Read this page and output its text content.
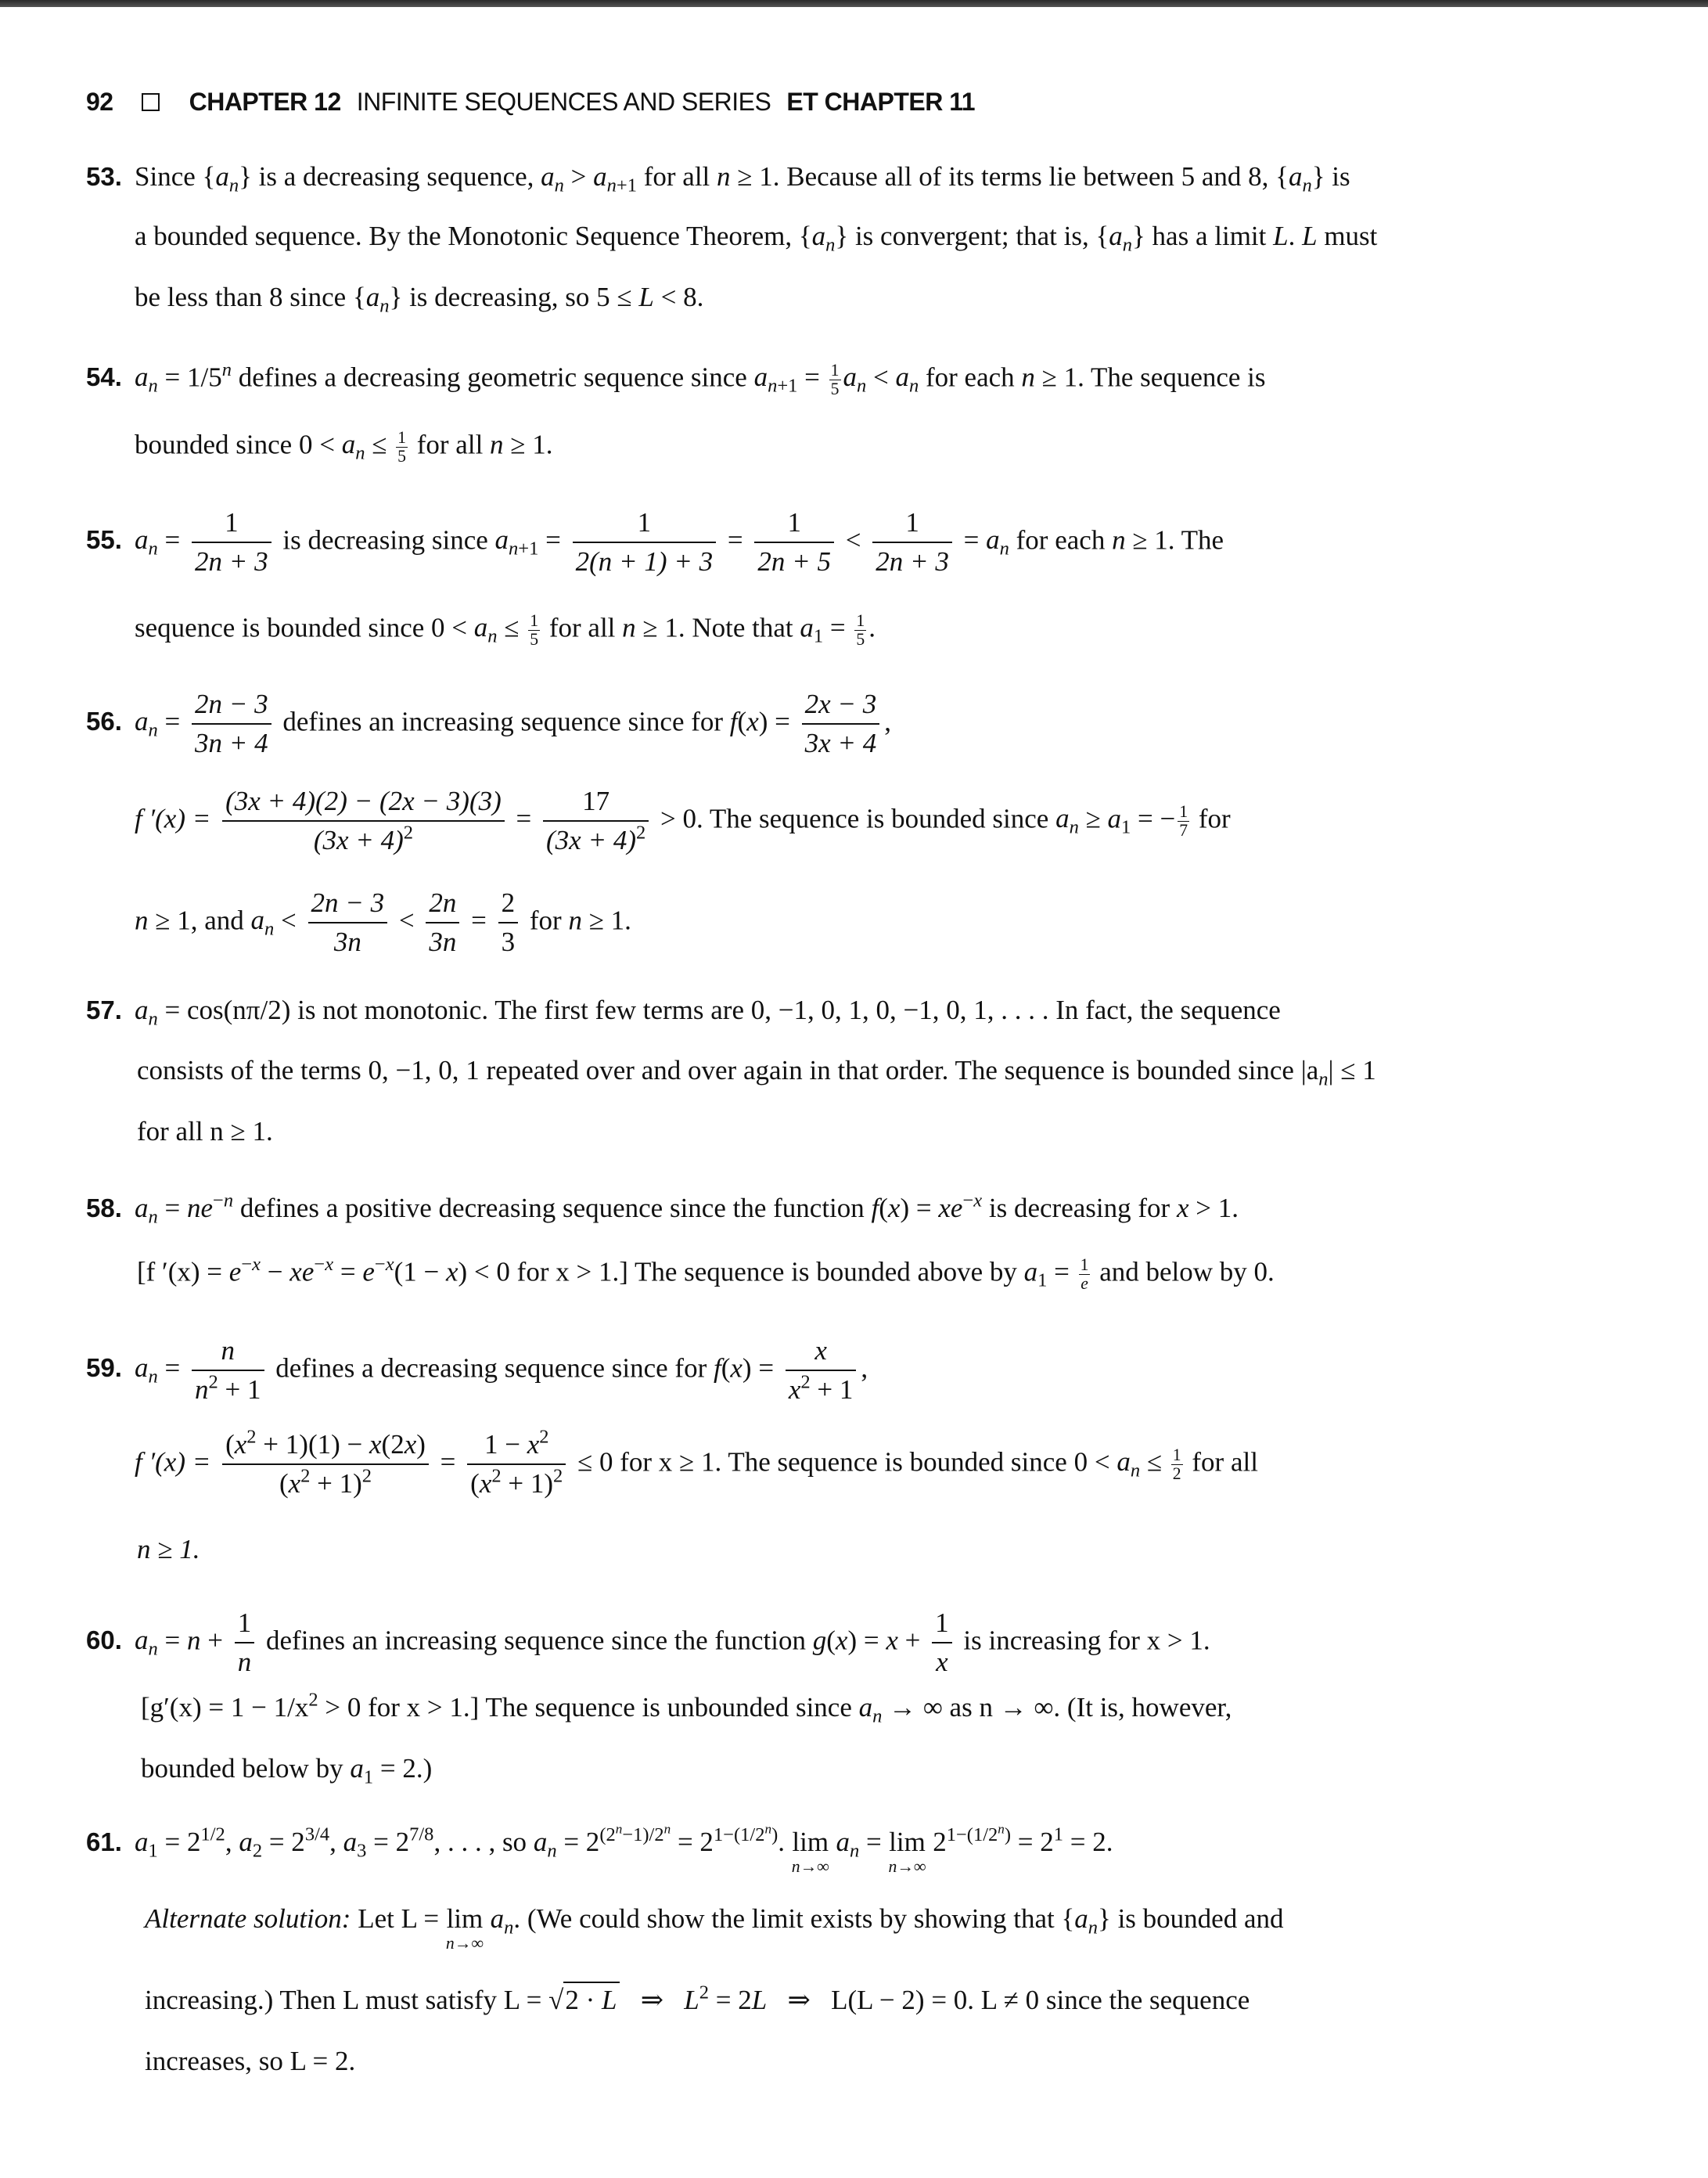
92	CHAPTER 12 INFINITE SEQUENCES AND SERIES ET CHAPTER 11
53. Since $\{a_n\}$ is a decreasing sequence, $a_n > a_{n+1}$ for all n ≥ 1. Because all of its terms lie between 5 and 8, $\{a_n\}$ is
a bounded sequence. By the Monotonic Sequence Theorem, $\{a_n\}$ is convergent; that is, $\{a_n\}$ has a limit L. L must
be less than 8 since $\{a_n\}$ is decreasing, so 5 ≤ L < 8.
54. $a_n = 1/5^n$ defines a decreasing geometric sequence since $a_{n+1} = \frac{1}{5} a_n < a_n$ for each n ≥ 1. The sequence is
bounded since $0 < a_n \le \frac{1}{5}$ for all n ≥ 1.
55. $a_n = \frac{1}{2n + 3}$ is decreasing since $a_{n+1} = \frac{1}{2(n + 1) + 3} = \frac{1}{2n + 5} < \frac{1}{2n + 3} = a_n$ for each n ≥ 1. The
sequence is bounded since $0 < a_n \le \frac{1}{5}$ for all n ≥ 1. Note that $a_1 = \frac{1}{5}$ .
56. $a_n = \frac{2n - 3}{3n + 4}$ defines an increasing sequence since for $f(x) = \frac{2x - 3}{3x + 4}$ ,
f $'(x) = \frac{(3x + 4)(2) - (2x - 3)(3)}{(3x + 4)^2} = \frac{17}{(3x + 4)^2} > 0$. The sequence is bounded since $a_n \ge a_1$ = − $\frac{1}{7}$ for
n ≥ 1, and $a_n < \frac{2n - 3}{3n} < \frac{2n}{3n} = \frac{2}{3}$ for n ≥ 1.
57. $a_n = \cos(n\pi/2)$ is not monotonic. The first few terms are 0, −1, 0, 1, 0, −1, 0, 1, . . . . In fact, the sequence
consists of the terms 0, −1, 0, 1 repeated over and over again in that order. The sequence is bounded since $|a_n| \le 1$
for all n ≥ 1.
58. $a_n = ne^{-n}$ defines a positive decreasing sequence since the function $f(x) = xe^{-x}$ is decreasing for x > 1.
[f $'(x) = e^{-x} - xe^{-x} = e^{-x}(1 - x) < 0$ for x > 1.] The sequence is bounded above by $a_1 = \frac{1}{e}$ and below by 0.
59. $a_n = \frac{n}{n^2 + 1}$ defines a decreasing sequence since for $f(x) = \frac{x}{x^2 + 1}$ ,
f $'(x) = \frac{(x^2 + 1)(1) - x(2x)}{(x^2 + 1)^2} = \frac{1 - x^2}{(x^2 + 1)^2} \le 0$ for x ≥ 1. The sequence is bounded since $0 < a_n \le \frac{1}{2}$ for all
n ≥ 1.
60. $a_n = n + \frac{1}{n}$ defines an increasing sequence since the function $g(x) = x + \frac{1}{x}$ is increasing for x > 1.
[$g'(x) = 1 - 1/x^2 > 0$ for x > 1.] The sequence is unbounded since $a_n$ → ∞ as n → ∞. (It is, however,
bounded below by $a_1 = 2$.)
61. $a_1 = 2^{1/2}$, $a_2 = 2^{3/4}$, $a_3 = 2^{7/8}$, . . . , so $a_n = 2^{(2^n-1)/2^n} = 2^{1-(1/2^n)}$. lim
n→∞
$a_n = \lim$
n→∞
$2^{1-(1/2^n)} = 2^1 = 2$.
Alternate solution: Let L = lim
n→∞
$a_n$. (We could show the limit exists by showing that $\{a_n\}$ is bounded and
increasing.) Then L must satisfy L = √2 · L   ⇒   $L^2 = 2L$   ⇒   L(L − 2) = 0. L ≠ 0 since the sequence
increases, so L = 2.
